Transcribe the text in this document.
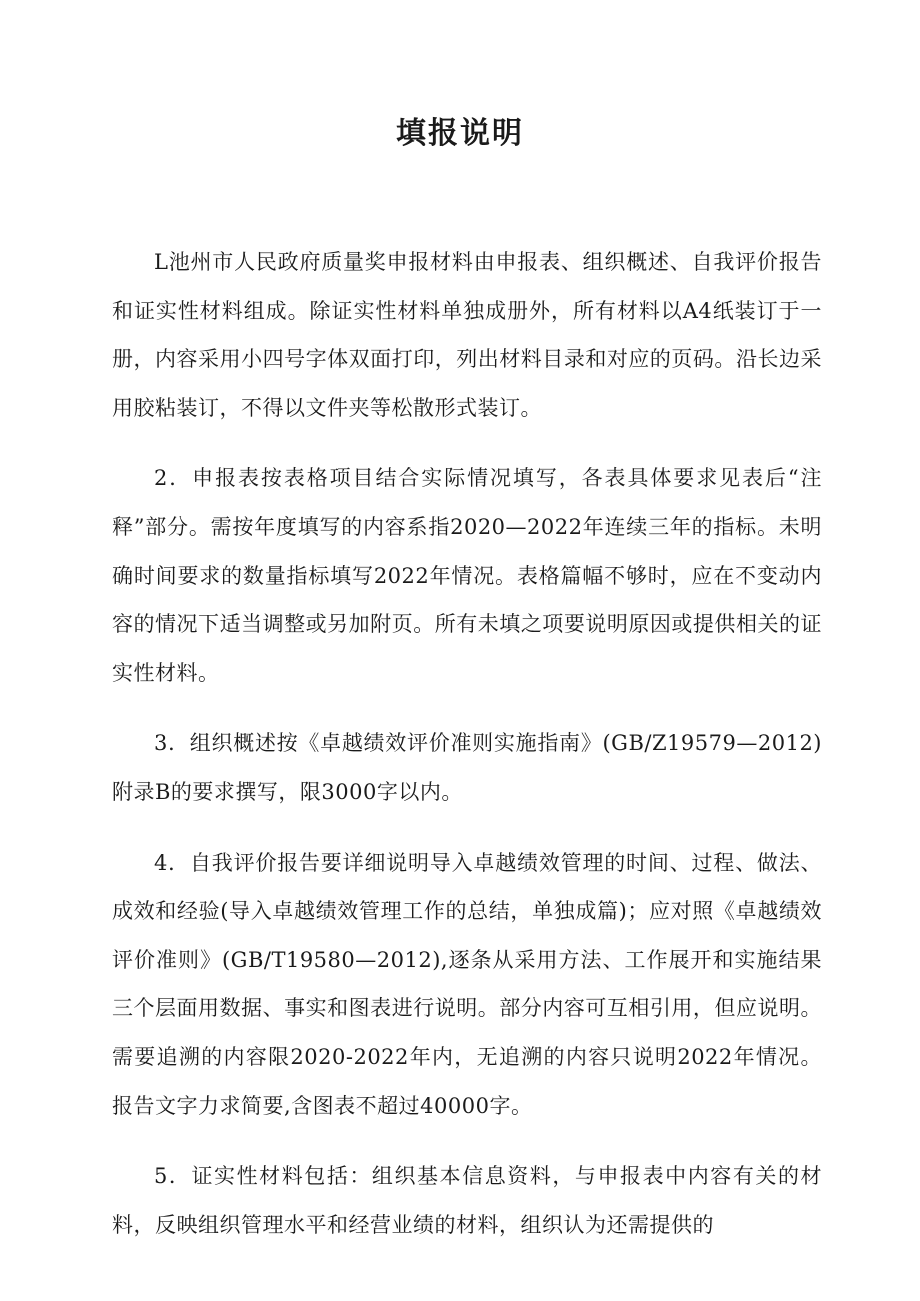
填报说明

L池州市人民政府质量奖申报材料由申报表、组织概述、自我评价报告和证实性材料组成。除证实性材料单独成册外，所有材料以A4纸装订于一册，内容采用小四号字体双面打印，列出材料目录和对应的页码。沿长边采用胶粘装订，不得以文件夹等松散形式装订。

2．申报表按表格项目结合实际情况填写，各表具体要求见表后“注释”部分。需按年度填写的内容系指2020—2022年连续三年的指标。未明确时间要求的数量指标填写2022年情况。表格篇幅不够时，应在不变动内容的情况下适当调整或另加附页。所有未填之项要说明原因或提供相关的证实性材料。

3．组织概述按《卓越绩效评价准则实施指南》(GB/Z19579—2012)附录B的要求撰写，限3000字以内。

4．自我评价报告要详细说明导入卓越绩效管理的时间、过程、做法、成效和经验(导入卓越绩效管理工作的总结，单独成篇)；应对照《卓越绩效评价准则》(GB/T19580—2012),逐条从采用方法、工作展开和实施结果三个层面用数据、事实和图表进行说明。部分内容可互相引用，但应说明。需要追溯的内容限2020-2022年内，无追溯的内容只说明2022年情况。报告文字力求简要,含图表不超过40000字。

5．证实性材料包括：组织基本信息资料，与申报表中内容有关的材料，反映组织管理水平和经营业绩的材料，组织认为还需提供的
